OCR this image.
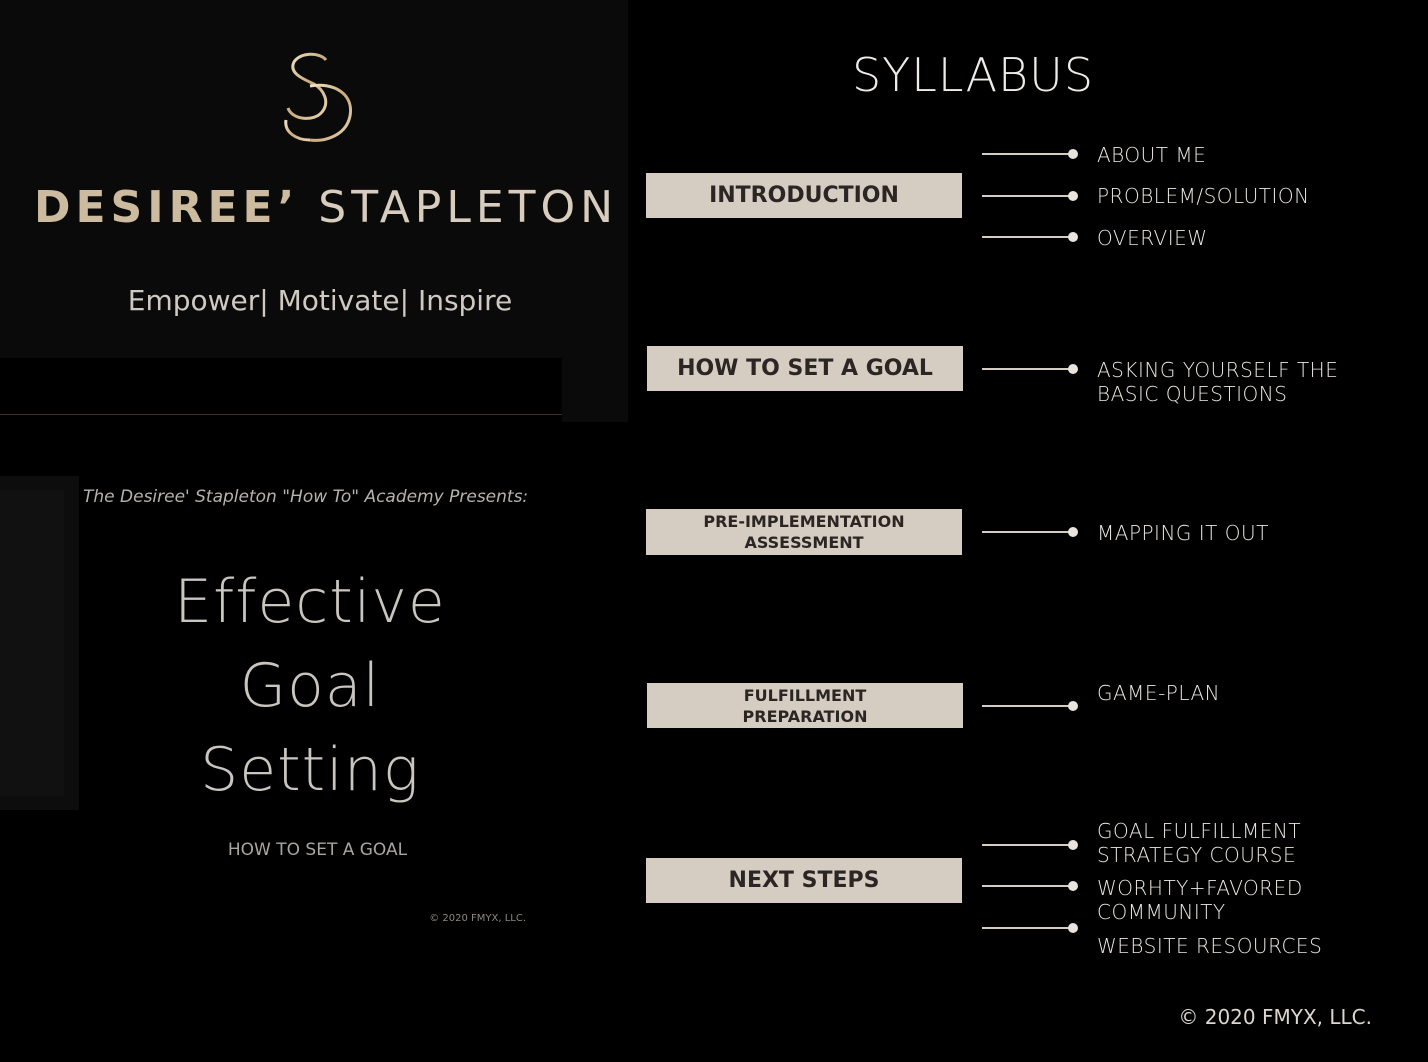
DESIREE’ STAPLETON
Empower| Motivate| Inspire
The Desiree' Stapleton "How To" Academy Presents:
Effective
Goal
Setting
HOW TO SET A GOAL
© 2020 FMYX, LLC.
SYLLABUS
INTRODUCTION
ABOUT ME
PROBLEM/SOLUTION
OVERVIEW
HOW TO SET A GOAL	ASKING YOURSELF THE
BASIC QUESTIONS
PRE-IMPLEMENTATION
ASSESSMENT	MAPPING IT OUT
FULFILLMENT
PREPARATION
GAME-PLAN
NEXT STEPS
GOAL FULFILLMENT
STRATEGY COURSE
WORHTY+FAVORED
COMMUNITY
WEBSITE RESOURCES
© 2020 FMYX, LLC.
